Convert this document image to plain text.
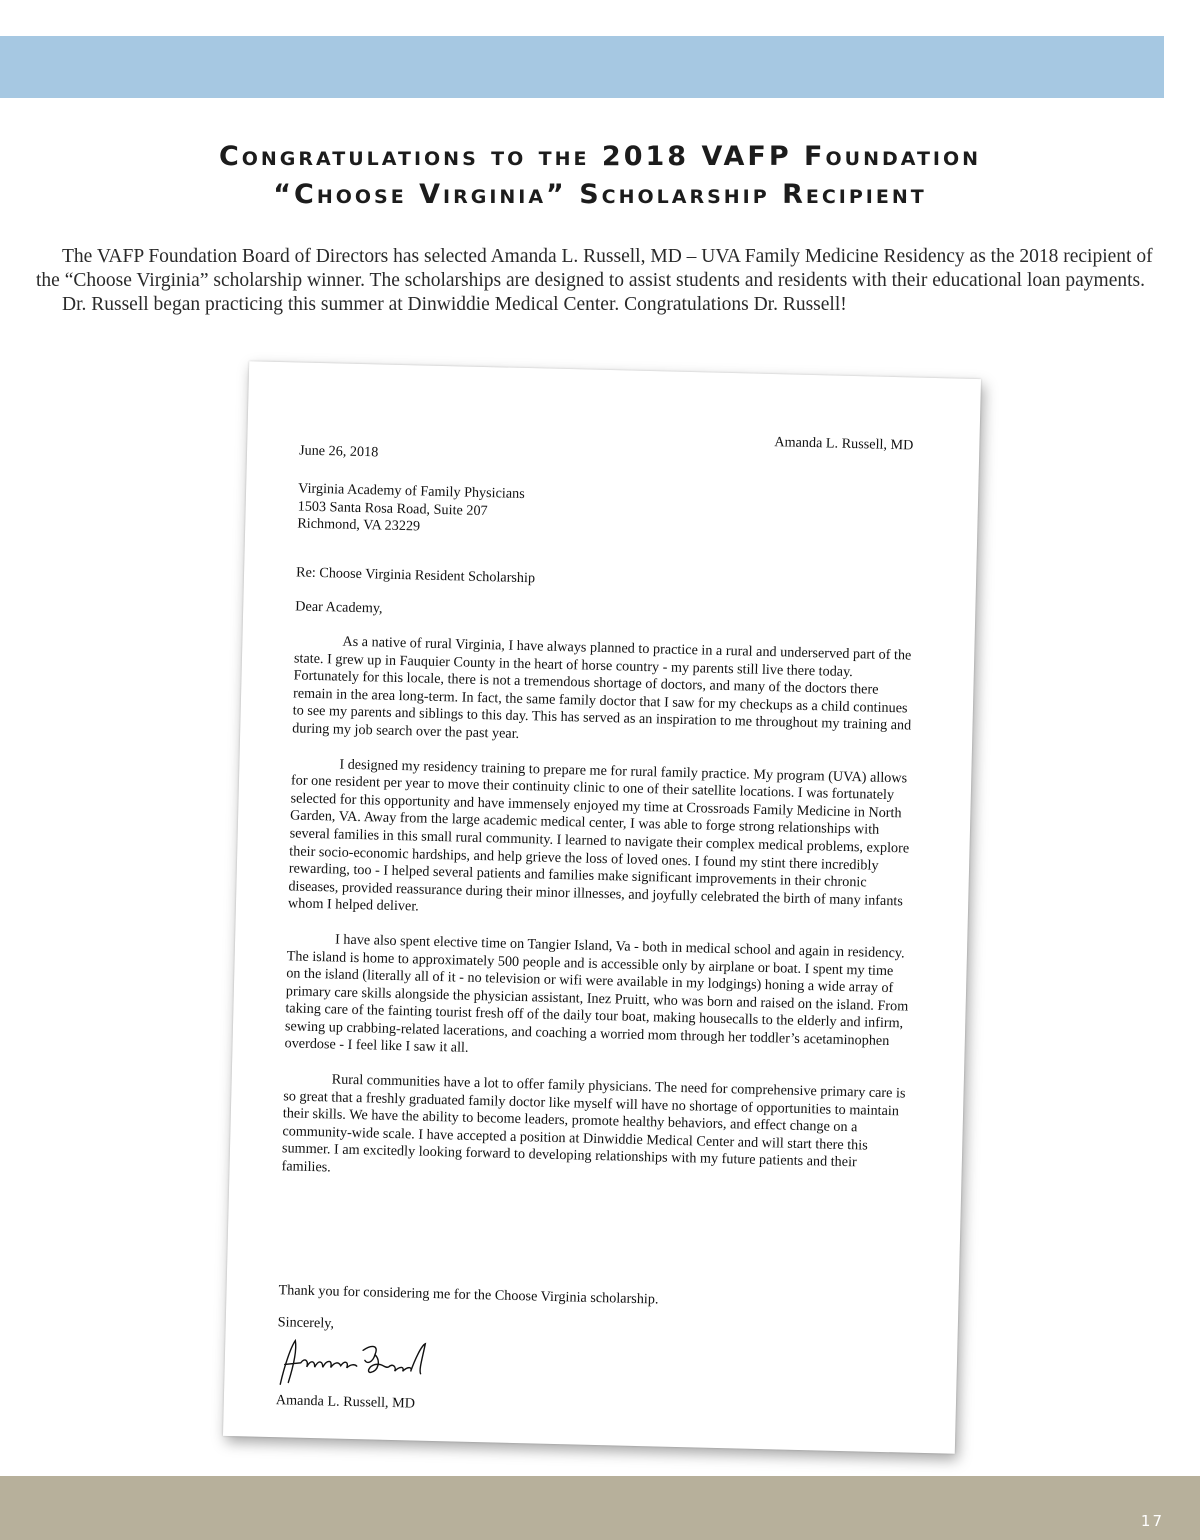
Congratulations to the 2018 VAFP Foundation
“Choose Virginia” Scholarship Recipient

The VAFP Foundation Board of Directors has selected Amanda L. Russell, MD – UVA Family Medicine Residency as the 2018 recipient of the “Choose Virginia” scholarship winner. The scholarships are designed to assist students and residents with their educational loan payments.

Dr. Russell began practicing this summer at Dinwiddie Medical Center. Congratulations Dr. Russell!

Amanda L. Russell, MD
June 26, 2018
Virginia Academy of Family Physicians
1503 Santa Rosa Road, Suite 207
Richmond, VA 23229
Re: Choose Virginia Resident Scholarship
Dear Academy,

As a native of rural Virginia, I have always planned to practice in a rural and underserved part of the state. I grew up in Fauquier County in the heart of horse country - my parents still live there today. Fortunately for this locale, there is not a tremendous shortage of doctors, and many of the doctors there remain in the area long-term. In fact, the same family doctor that I saw for my checkups as a child continues to see my parents and siblings to this day. This has served as an inspiration to me throughout my training and during my job search over the past year.

I designed my residency training to prepare me for rural family practice. My program (UVA) allows for one resident per year to move their continuity clinic to one of their satellite locations. I was fortunately selected for this opportunity and have immensely enjoyed my time at Crossroads Family Medicine in North Garden, VA. Away from the large academic medical center, I was able to forge strong relationships with several families in this small rural community. I learned to navigate their complex medical problems, explore their socio-economic hardships, and help grieve the loss of loved ones. I found my stint there incredibly rewarding, too - I helped several patients and families make significant improvements in their chronic diseases, provided reassurance during their minor illnesses, and joyfully celebrated the birth of many infants whom I helped deliver.

I have also spent elective time on Tangier Island, Va - both in medical school and again in residency. The island is home to approximately 500 people and is accessible only by airplane or boat. I spent my time on the island (literally all of it - no television or wifi were available in my lodgings) honing a wide array of primary care skills alongside the physician assistant, Inez Pruitt, who was born and raised on the island. From taking care of the fainting tourist fresh off of the daily tour boat, making housecalls to the elderly and infirm, sewing up crabbing-related lacerations, and coaching a worried mom through her toddler’s acetaminophen overdose - I feel like I saw it all.

Rural communities have a lot to offer family physicians. The need for comprehensive primary care is so great that a freshly graduated family doctor like myself will have no shortage of opportunities to maintain their skills. We have the ability to become leaders, promote healthy behaviors, and effect change on a community-wide scale. I have accepted a position at Dinwiddie Medical Center and will start there this summer. I am excitedly looking forward to developing relationships with my future patients and their families.

Thank you for considering me for the Choose Virginia scholarship.
Sincerely,
Amanda L. Russell, MD
17
